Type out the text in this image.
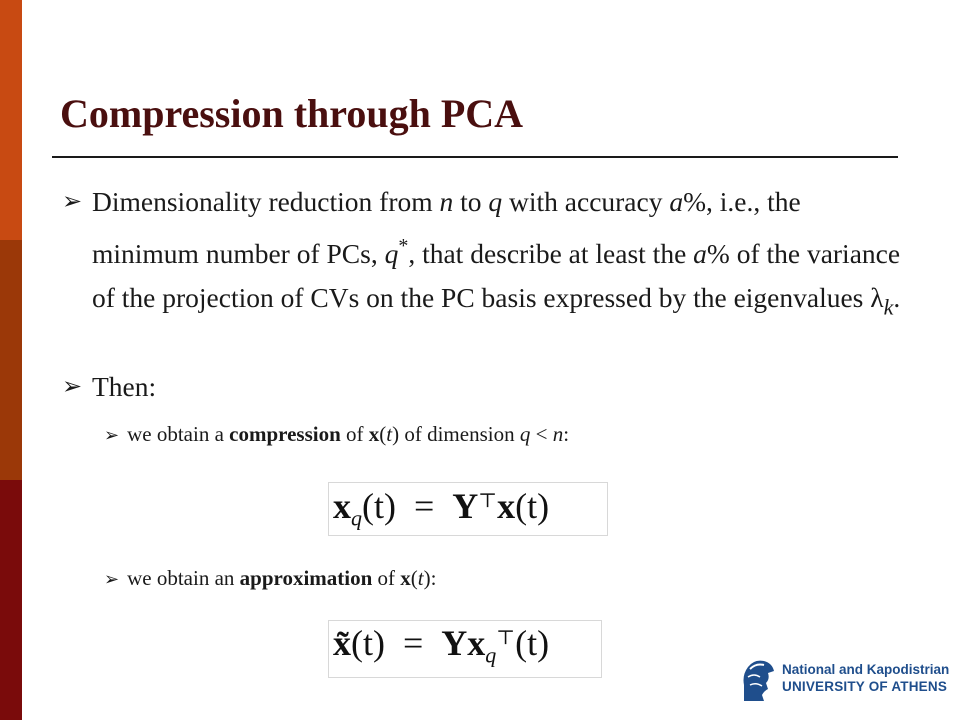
Compression through PCA
➢ Dimensionality reduction from n to q with accuracy a%, i.e., the minimum number of PCs, q*, that describe at least the a% of the variance of the projection of CVs on the PC basis expressed by the eigenvalues $\lambda_k$.
➢ Then:
➢ we obtain a compression of x(t) of dimension q < n:
$x_q(t) = Y^⊤x(t)$
➢ we obtain an approximation of x(t):
x̃(t) = $Yx_q^⊤(t)$
National and Kapodistrian
UNIVERSITY OF ATHENS
